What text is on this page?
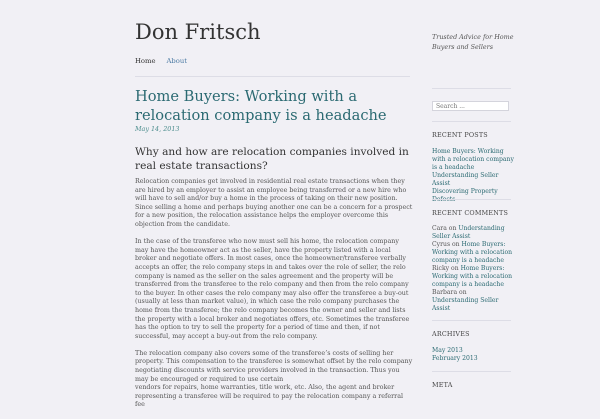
Don Fritsch	Trusted Advice for Home Buyers and Sellers
Home About
Home Buyers: Working with a relocation company is a headache
May 14, 2013
Why and how are relocation companies involved in real estate transactions?

Relocation companies get involved in residential real estate transactions when they are hired by an employer to assist an employee being transferred or a new hire who will have to sell and/or buy a home in the process of taking on their new position. Since selling a home and perhaps buying another one can be a concern for a prospect for a new position, the relocation assistance helps the employer overcome this objection from the candidate.

In the case of the transferee who now must sell his home, the relocation company may have the homeowner act as the seller, have the property listed with a local broker and negotiate offers. In most cases, once the homeowner/transferee verbally accepts an offer, the relo company steps in and takes over the role of seller, the relo company is named as the seller on the sales agreement and the property will be transferred from the transferee to the relo company and then from the relo company to the buyer. In other cases the relo company may also offer the transferee a buy-out (usually at less than market value), in which case the relo company purchases the home from the transferee; the relo company becomes the owner and seller and lists the property with a local broker and negotiates offers, etc. Sometimes the transferee has the option to try to sell the property for a period of time and then, if not successful, may accept a buy-out from the relo company.

The relocation company also covers some of the transferee’s costs of selling her property. This compensation to the transferee is somewhat offset by the relo company negotiating discounts with service providers involved in the transaction. Thus you may be encouraged or required to use certain

vendors for repairs, home warranties, title work, etc. Also, the agent and broker representing a transferee will be required to pay the relocation company a referral fee

Search ...
RECENT POSTS
Home Buyers: Working with a relocation company is a headache
Understanding Seller Assist
Discovering Property Defects
RECENT COMMENTS
Cara on Understanding Seller Assist
Cyrus on Home Buyers: Working with a relocation company is a headache
Ricky on Home Buyers: Working with a relocation company is a headache
Barbara on Understanding Seller Assist
ARCHIVES
May 2013
February 2013
META
